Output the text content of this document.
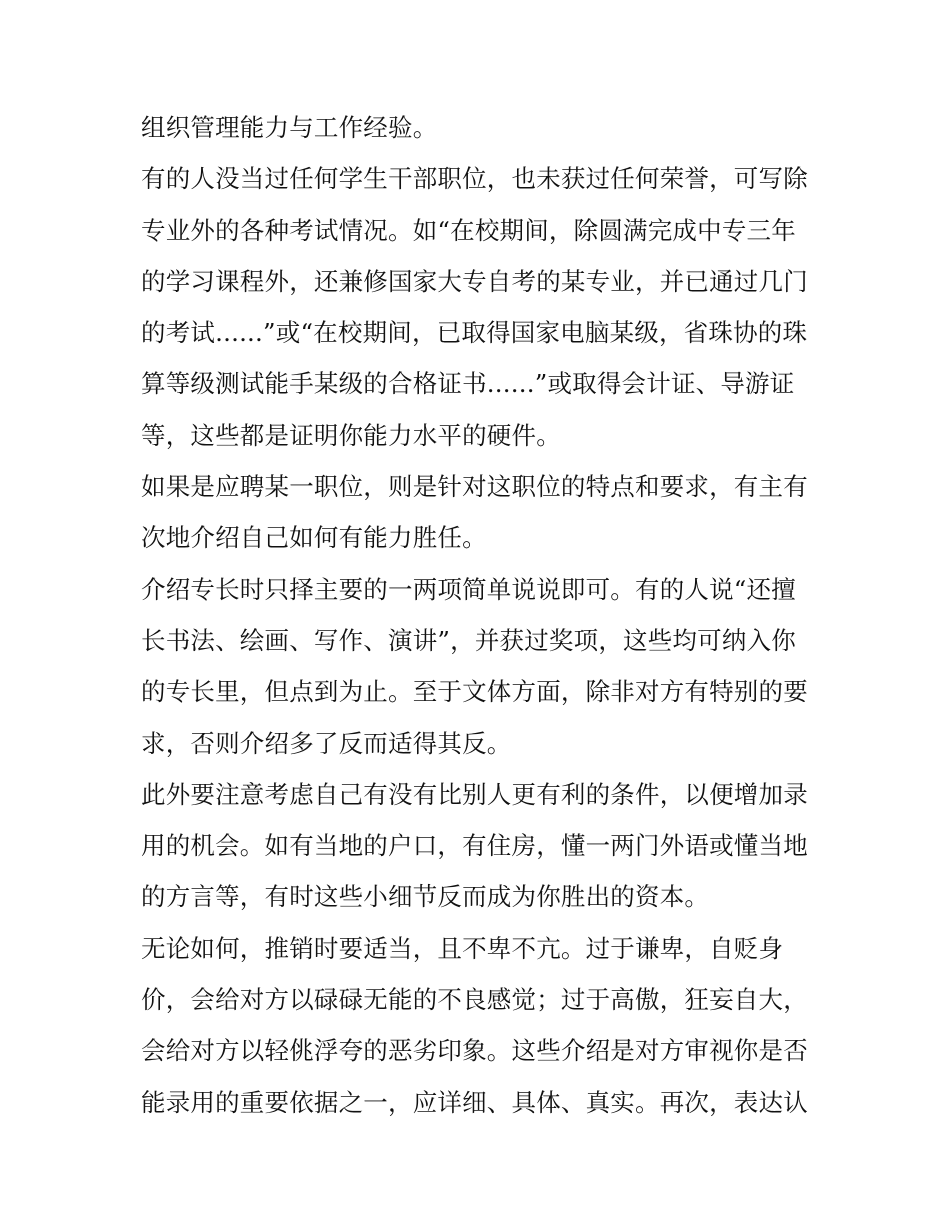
组织管理能力与工作经验。
有的人没当过任何学生干部职位，也未获过任何荣誉，可写除
专业外的各种考试情况。如“在校期间，除圆满完成中专三年
的学习课程外，还兼修国家大专自考的某专业，并已通过几门
的考试......”或“在校期间，已取得国家电脑某级，省珠协的珠
算等级测试能手某级的合格证书......”或取得会计证、导游证
等，这些都是证明你能力水平的硬件。
如果是应聘某一职位，则是针对这职位的特点和要求，有主有
次地介绍自己如何有能力胜任。
介绍专长时只择主要的一两项简单说说即可。有的人说“还擅
长书法、绘画、写作、演讲”，并获过奖项，这些均可纳入你
的专长里，但点到为止。至于文体方面，除非对方有特别的要
求，否则介绍多了反而适得其反。
此外要注意考虑自己有没有比别人更有利的条件，以便增加录
用的机会。如有当地的户口，有住房，懂一两门外语或懂当地
的方言等，有时这些小细节反而成为你胜出的资本。
无论如何，推销时要适当，且不卑不亢。过于谦卑，自贬身
价，会给对方以碌碌无能的不良感觉；过于高傲，狂妄自大，
会给对方以轻佻浮夸的恶劣印象。这些介绍是对方审视你是否
能录用的重要依据之一，应详细、具体、真实。再次，表达认
